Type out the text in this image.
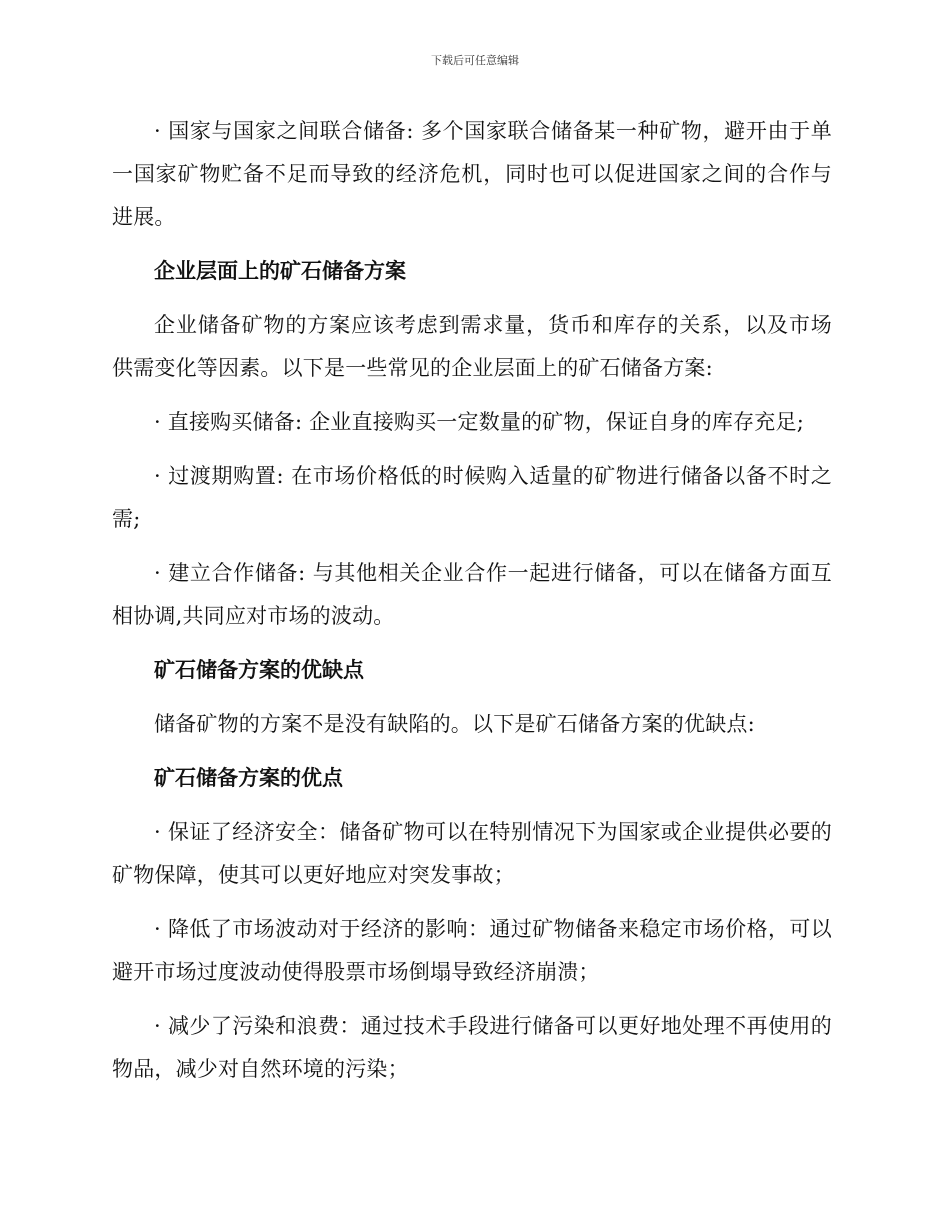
下载后可任意编辑

· 国家与国家之间联合储备: 多个国家联合储备某一种矿物，避开由于单一国家矿物贮备不足而导致的经济危机，同时也可以促进国家之间的合作与进展。

企业层面上的矿石储备方案

企业储备矿物的方案应该考虑到需求量，货币和库存的关系，以及市场供需变化等因素。以下是一些常见的企业层面上的矿石储备方案:

· 直接购买储备: 企业直接购买一定数量的矿物，保证自身的库存充足;

· 过渡期购置: 在市场价格低的时候购入适量的矿物进行储备以备不时之需;

· 建立合作储备: 与其他相关企业合作一起进行储备，可以在储备方面互相协调,共同应对市场的波动。

矿石储备方案的优缺点

储备矿物的方案不是没有缺陷的。以下是矿石储备方案的优缺点:

矿石储备方案的优点

· 保证了经济安全：储备矿物可以在特别情况下为国家或企业提供必要的矿物保障，使其可以更好地应对突发事故；

· 降低了市场波动对于经济的影响：通过矿物储备来稳定市场价格，可以避开市场过度波动使得股票市场倒塌导致经济崩溃；

· 减少了污染和浪费：通过技术手段进行储备可以更好地处理不再使用的物品，减少对自然环境的污染；
